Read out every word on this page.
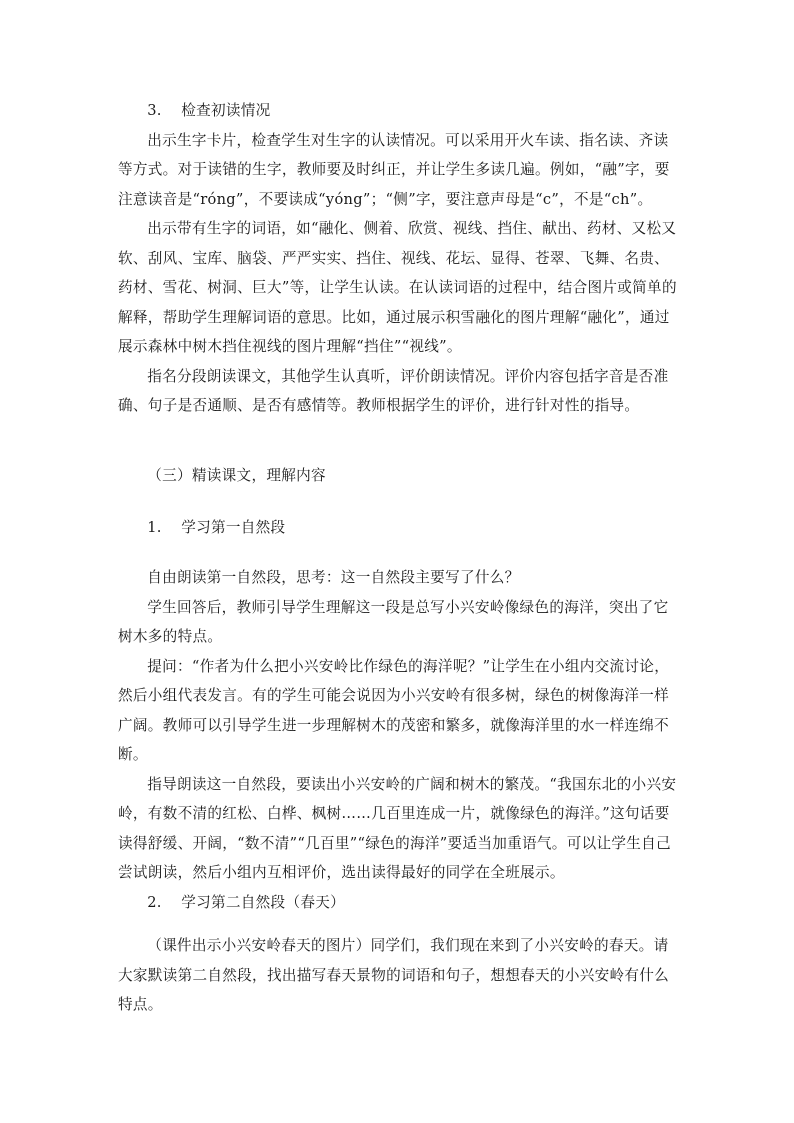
3. 检查初读情况

出示生字卡片，检查学生对生字的认读情况。可以采用开火车读、指名读、齐读等方式。对于读错的生字，教师要及时纠正，并让学生多读几遍。例如，“融”字，要注意读音是“róng”，不要读成“yóng”；“侧”字，要注意声母是“c”，不是“ch”。

出示带有生字的词语，如“融化、侧着、欣赏、视线、挡住、献出、药材、又松又软、刮风、宝库、脑袋、严严实实、挡住、视线、花坛、显得、苍翠、飞舞、名贵、药材、雪花、树洞、巨大”等，让学生认读。在认读词语的过程中，结合图片或简单的解释，帮助学生理解词语的意思。比如，通过展示积雪融化的图片理解“融化”，通过展示森林中树木挡住视线的图片理解“挡住”“视线”。

指名分段朗读课文，其他学生认真听，评价朗读情况。评价内容包括字音是否准确、句子是否通顺、是否有感情等。教师根据学生的评价，进行针对性的指导。

（三）精读课文，理解内容

1. 学习第一自然段

自由朗读第一自然段，思考：这一自然段主要写了什么？

学生回答后，教师引导学生理解这一段是总写小兴安岭像绿色的海洋，突出了它树木多的特点。

提问：“作者为什么把小兴安岭比作绿色的海洋呢？”让学生在小组内交流讨论，然后小组代表发言。有的学生可能会说因为小兴安岭有很多树，绿色的树像海洋一样广阔。教师可以引导学生进一步理解树木的茂密和繁多，就像海洋里的水一样连绵不断。

指导朗读这一自然段，要读出小兴安岭的广阔和树木的繁茂。“我国东北的小兴安岭，有数不清的红松、白桦、枫树……几百里连成一片，就像绿色的海洋。”这句话要读得舒缓、开阔，“数不清”“几百里”“绿色的海洋”要适当加重语气。可以让学生自己尝试朗读，然后小组内互相评价，选出读得最好的同学在全班展示。

2. 学习第二自然段（春天）

（课件出示小兴安岭春天的图片）同学们，我们现在来到了小兴安岭的春天。请大家默读第二自然段，找出描写春天景物的词语和句子，想想春天的小兴安岭有什么特点。
